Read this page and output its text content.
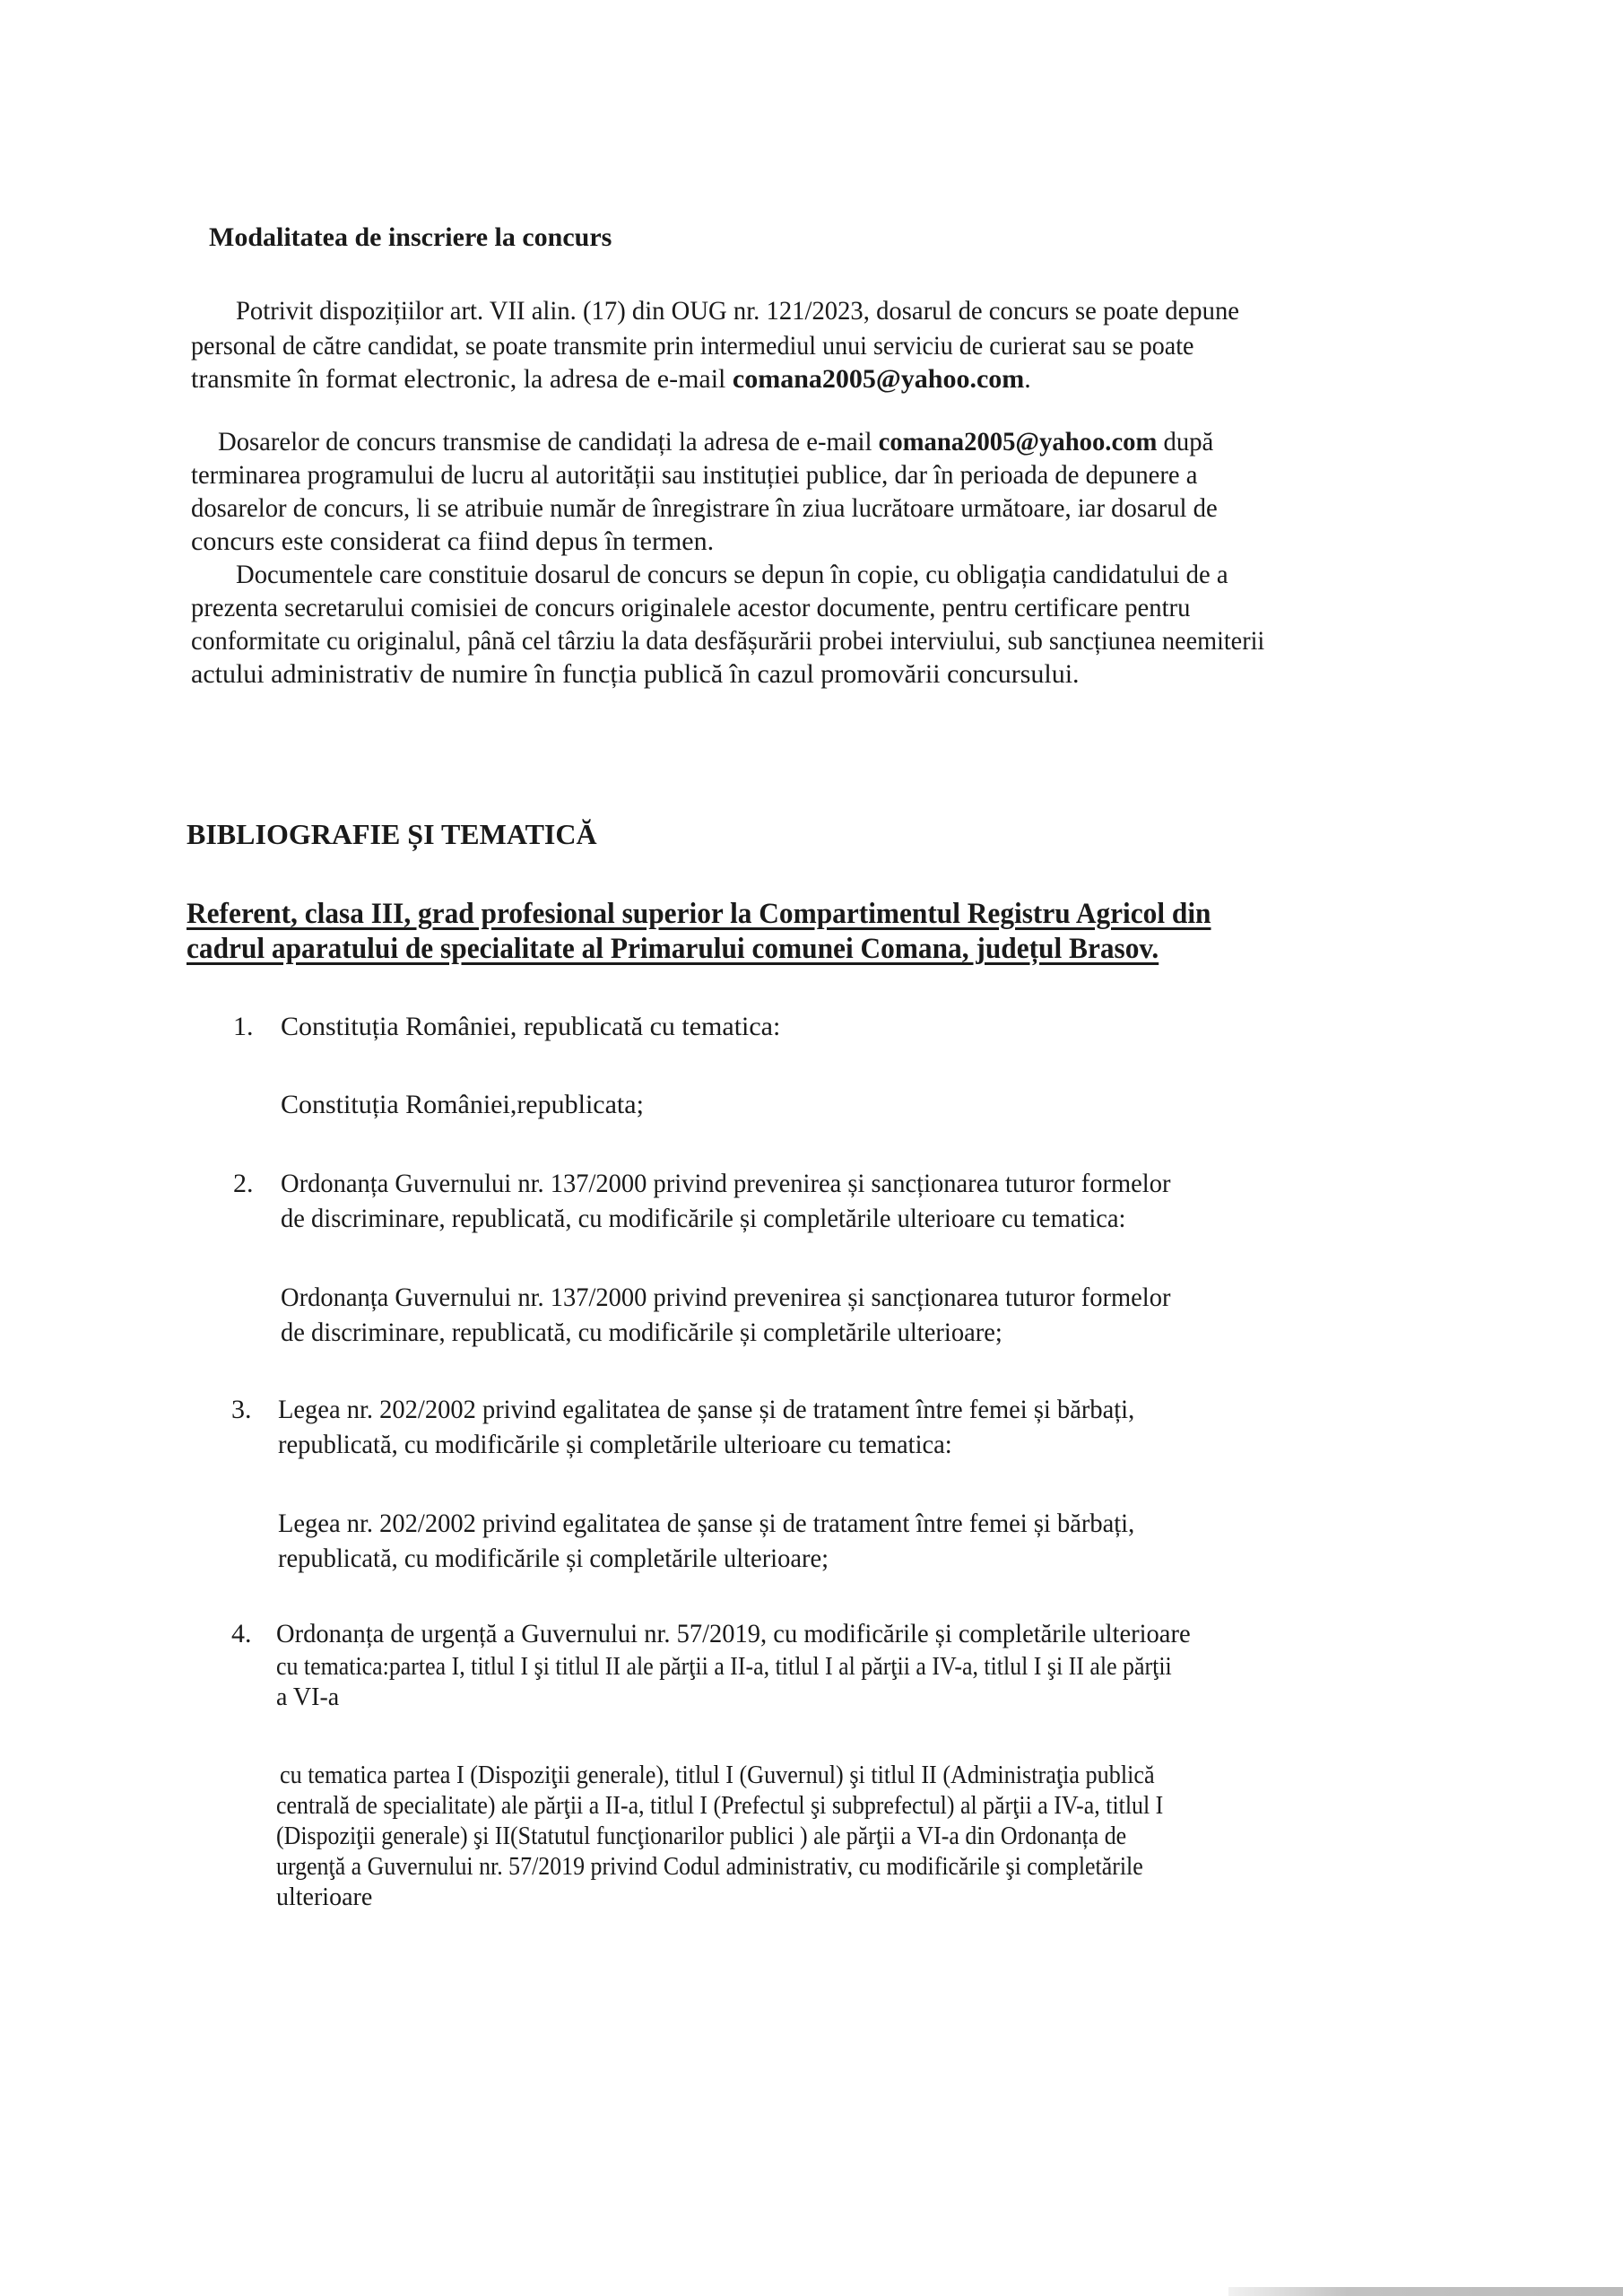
Modalitatea de inscriere la concurs
Potrivit dispozițiilor art. VII alin. (17) din OUG nr. 121/2023, dosarul de concurs se poate depune
personal de către candidat, se poate transmite prin intermediul unui serviciu de curierat sau se poate
transmite în format electronic, la adresa de e-mail comana2005@yahoo.com.
Dosarelor de concurs transmise de candidați la adresa de e-mail comana2005@yahoo.com după
terminarea programului de lucru al autorității sau instituției publice, dar în perioada de depunere a
dosarelor de concurs, li se atribuie număr de înregistrare în ziua lucrătoare următoare, iar dosarul de
concurs este considerat ca fiind depus în termen.
Documentele care constituie dosarul de concurs se depun în copie, cu obligația candidatului de a
prezenta secretarului comisiei de concurs originalele acestor documente, pentru certificare pentru
conformitate cu originalul, până cel târziu la data desfășurării probei interviului, sub sancțiunea neemiterii
actului administrativ de numire în funcția publică în cazul promovării concursului.
BIBLIOGRAFIE ȘI TEMATICĂ
Referent, clasa III, grad profesional superior la Compartimentul Registru Agricol din
cadrul aparatului de specialitate al Primarului comunei Comana, județul Brasov.
1. Constituția României, republicată cu tematica:
Constituția României,republicata;
2. Ordonanța Guvernului nr. 137/2000 privind prevenirea și sancționarea tuturor formelor
de discriminare, republicată, cu modificările și completările ulterioare cu tematica:
Ordonanța Guvernului nr. 137/2000 privind prevenirea și sancționarea tuturor formelor
de discriminare, republicată, cu modificările și completările ulterioare;
3. Legea nr. 202/2002 privind egalitatea de șanse și de tratament între femei și bărbați,
republicată, cu modificările și completările ulterioare cu tematica:
Legea nr. 202/2002 privind egalitatea de șanse și de tratament între femei și bărbați,
republicată, cu modificările și completările ulterioare;
4. Ordonanța de urgență a Guvernului nr. 57/2019, cu modificările și completările ulterioare
cu tematica:partea I, titlul I şi titlul II ale părţii a II-a, titlul I al părţii a IV-a, titlul I şi II ale părţii
a VI-a
cu tematica partea I (Dispoziţii generale), titlul I (Guvernul) şi titlul II (Administraţia publică
centrală de specialitate) ale părţii a II-a, titlul I (Prefectul şi subprefectul) al părţii a IV-a, titlul I
(Dispoziţii generale) şi II(Statutul funcţionarilor publici ) ale părţii a VI-a din Ordonanța de
urgenţă a Guvernului nr. 57/2019 privind Codul administrativ, cu modificările şi completările
ulterioare
